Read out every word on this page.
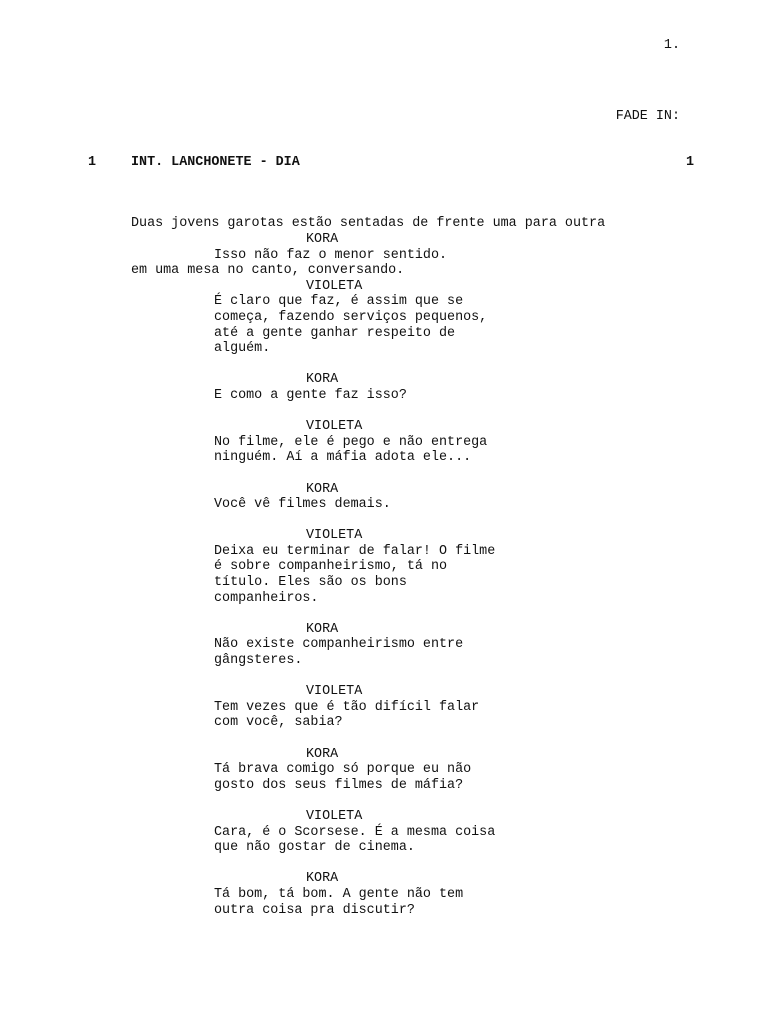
1.
FADE IN:
1	INT. LANCHONETE - DIA	1

Duas jovens garotas estão sentadas de frente uma para outra

em uma mesa no canto, conversando.

KORA
Isso não faz o menor sentido.
VIOLETA
É claro que faz, é assim que se
começa, fazendo serviços pequenos,
até a gente ganhar respeito de
alguém.
KORA
E como a gente faz isso?
VIOLETA
No filme, ele é pego e não entrega
ninguém. Aí a máfia adota ele...
KORA
Você vê filmes demais.
VIOLETA
Deixa eu terminar de falar! O filme
é sobre companheirismo, tá no
título. Eles são os bons
companheiros.
KORA
Não existe companheirismo entre
gângsteres.
VIOLETA
Tem vezes que é tão difícil falar
com você, sabia?
KORA
Tá brava comigo só porque eu não
gosto dos seus filmes de máfia?
VIOLETA
Cara, é o Scorsese. É a mesma coisa
que não gostar de cinema.
KORA
Tá bom, tá bom. A gente não tem
outra coisa pra discutir?
